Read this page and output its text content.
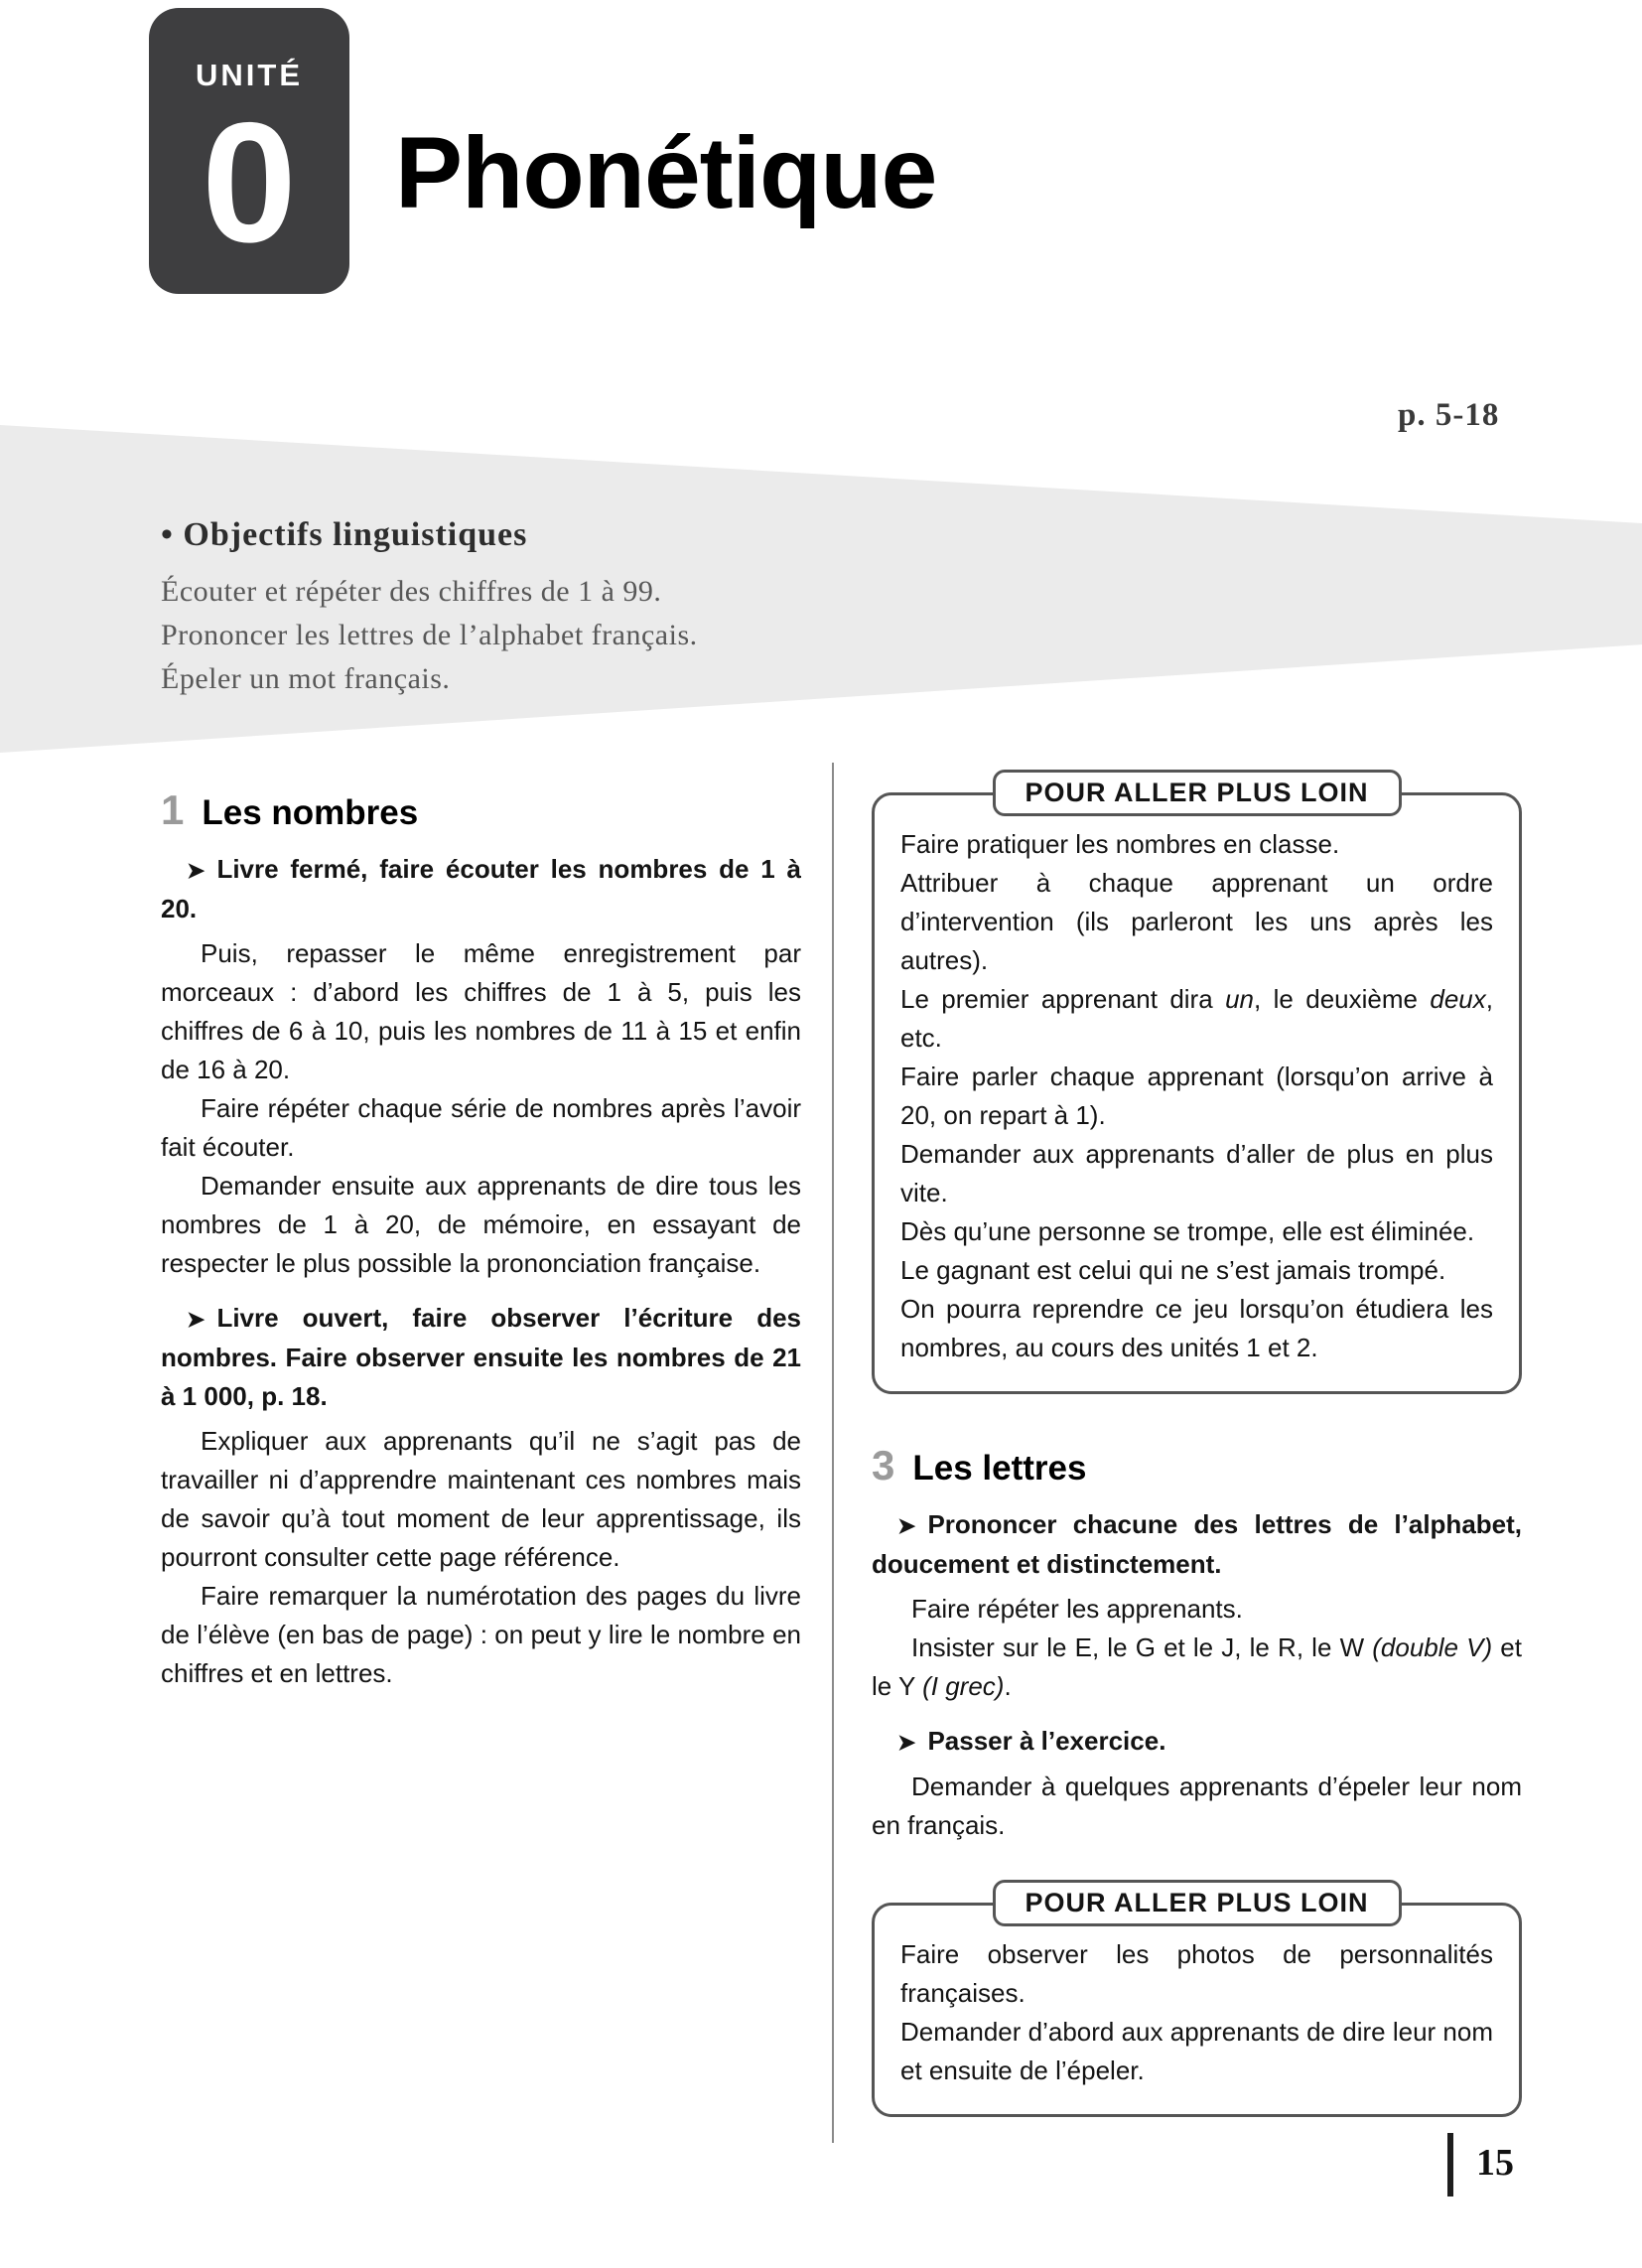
UNITÉ
0 Phonétique
p. 5-18
• Objectifs linguistiques
Écouter et répéter des chiffres de 1 à 99.
Prononcer les lettres de l’alphabet français.
Épeler un mot français.
1 Les nombres

➤ Livre fermé, faire écouter les nombres de 1 à 20.

Puis, repasser le même enregistrement par morceaux : d’abord les chiffres de 1 à 5, puis les chiffres de 6 à 10, puis les nombres de 11 à 15 et enfin de 16 à 20.

Faire répéter chaque série de nombres après l’avoir fait écouter.

Demander ensuite aux apprenants de dire tous les nombres de 1 à 20, de mémoire, en essayant de respecter le plus possible la prononciation française.

➤ Livre ouvert, faire observer l’écriture des nombres. Faire observer ensuite les nombres de 21 à 1 000, p. 18.

Expliquer aux apprenants qu’il ne s’agit pas de travailler ni d’apprendre maintenant ces nombres mais de savoir qu’à tout moment de leur apprentissage, ils pourront consulter cette page référence.

Faire remarquer la numérotation des pages du livre de l’élève (en bas de page) : on peut y lire le nombre en chiffres et en lettres.

POUR ALLER PLUS LOIN

Faire pratiquer les nombres en classe.

Attribuer à chaque apprenant un ordre d’intervention (ils parleront les uns après les autres).

Le premier apprenant dira un, le deuxième deux, etc.

Faire parler chaque apprenant (lorsqu’on arrive à 20, on repart à 1).

Demander aux apprenants d’aller de plus en plus vite.

Dès qu’une personne se trompe, elle est éliminée.

Le gagnant est celui qui ne s’est jamais trompé.

On pourra reprendre ce jeu lorsqu’on étudiera les nombres, au cours des unités 1 et 2.

3 Les lettres

➤ Prononcer chacune des lettres de l’alphabet, doucement et distinctement.

Faire répéter les apprenants.

Insister sur le E, le G et le J, le R, le W (double V) et le Y (I grec).

➤ Passer à l’exercice.

Demander à quelques apprenants d’épeler leur nom en français.

POUR ALLER PLUS LOIN

Faire observer les photos de personnalités françaises.

Demander d’abord aux apprenants de dire leur nom et ensuite de l’épeler.

15
